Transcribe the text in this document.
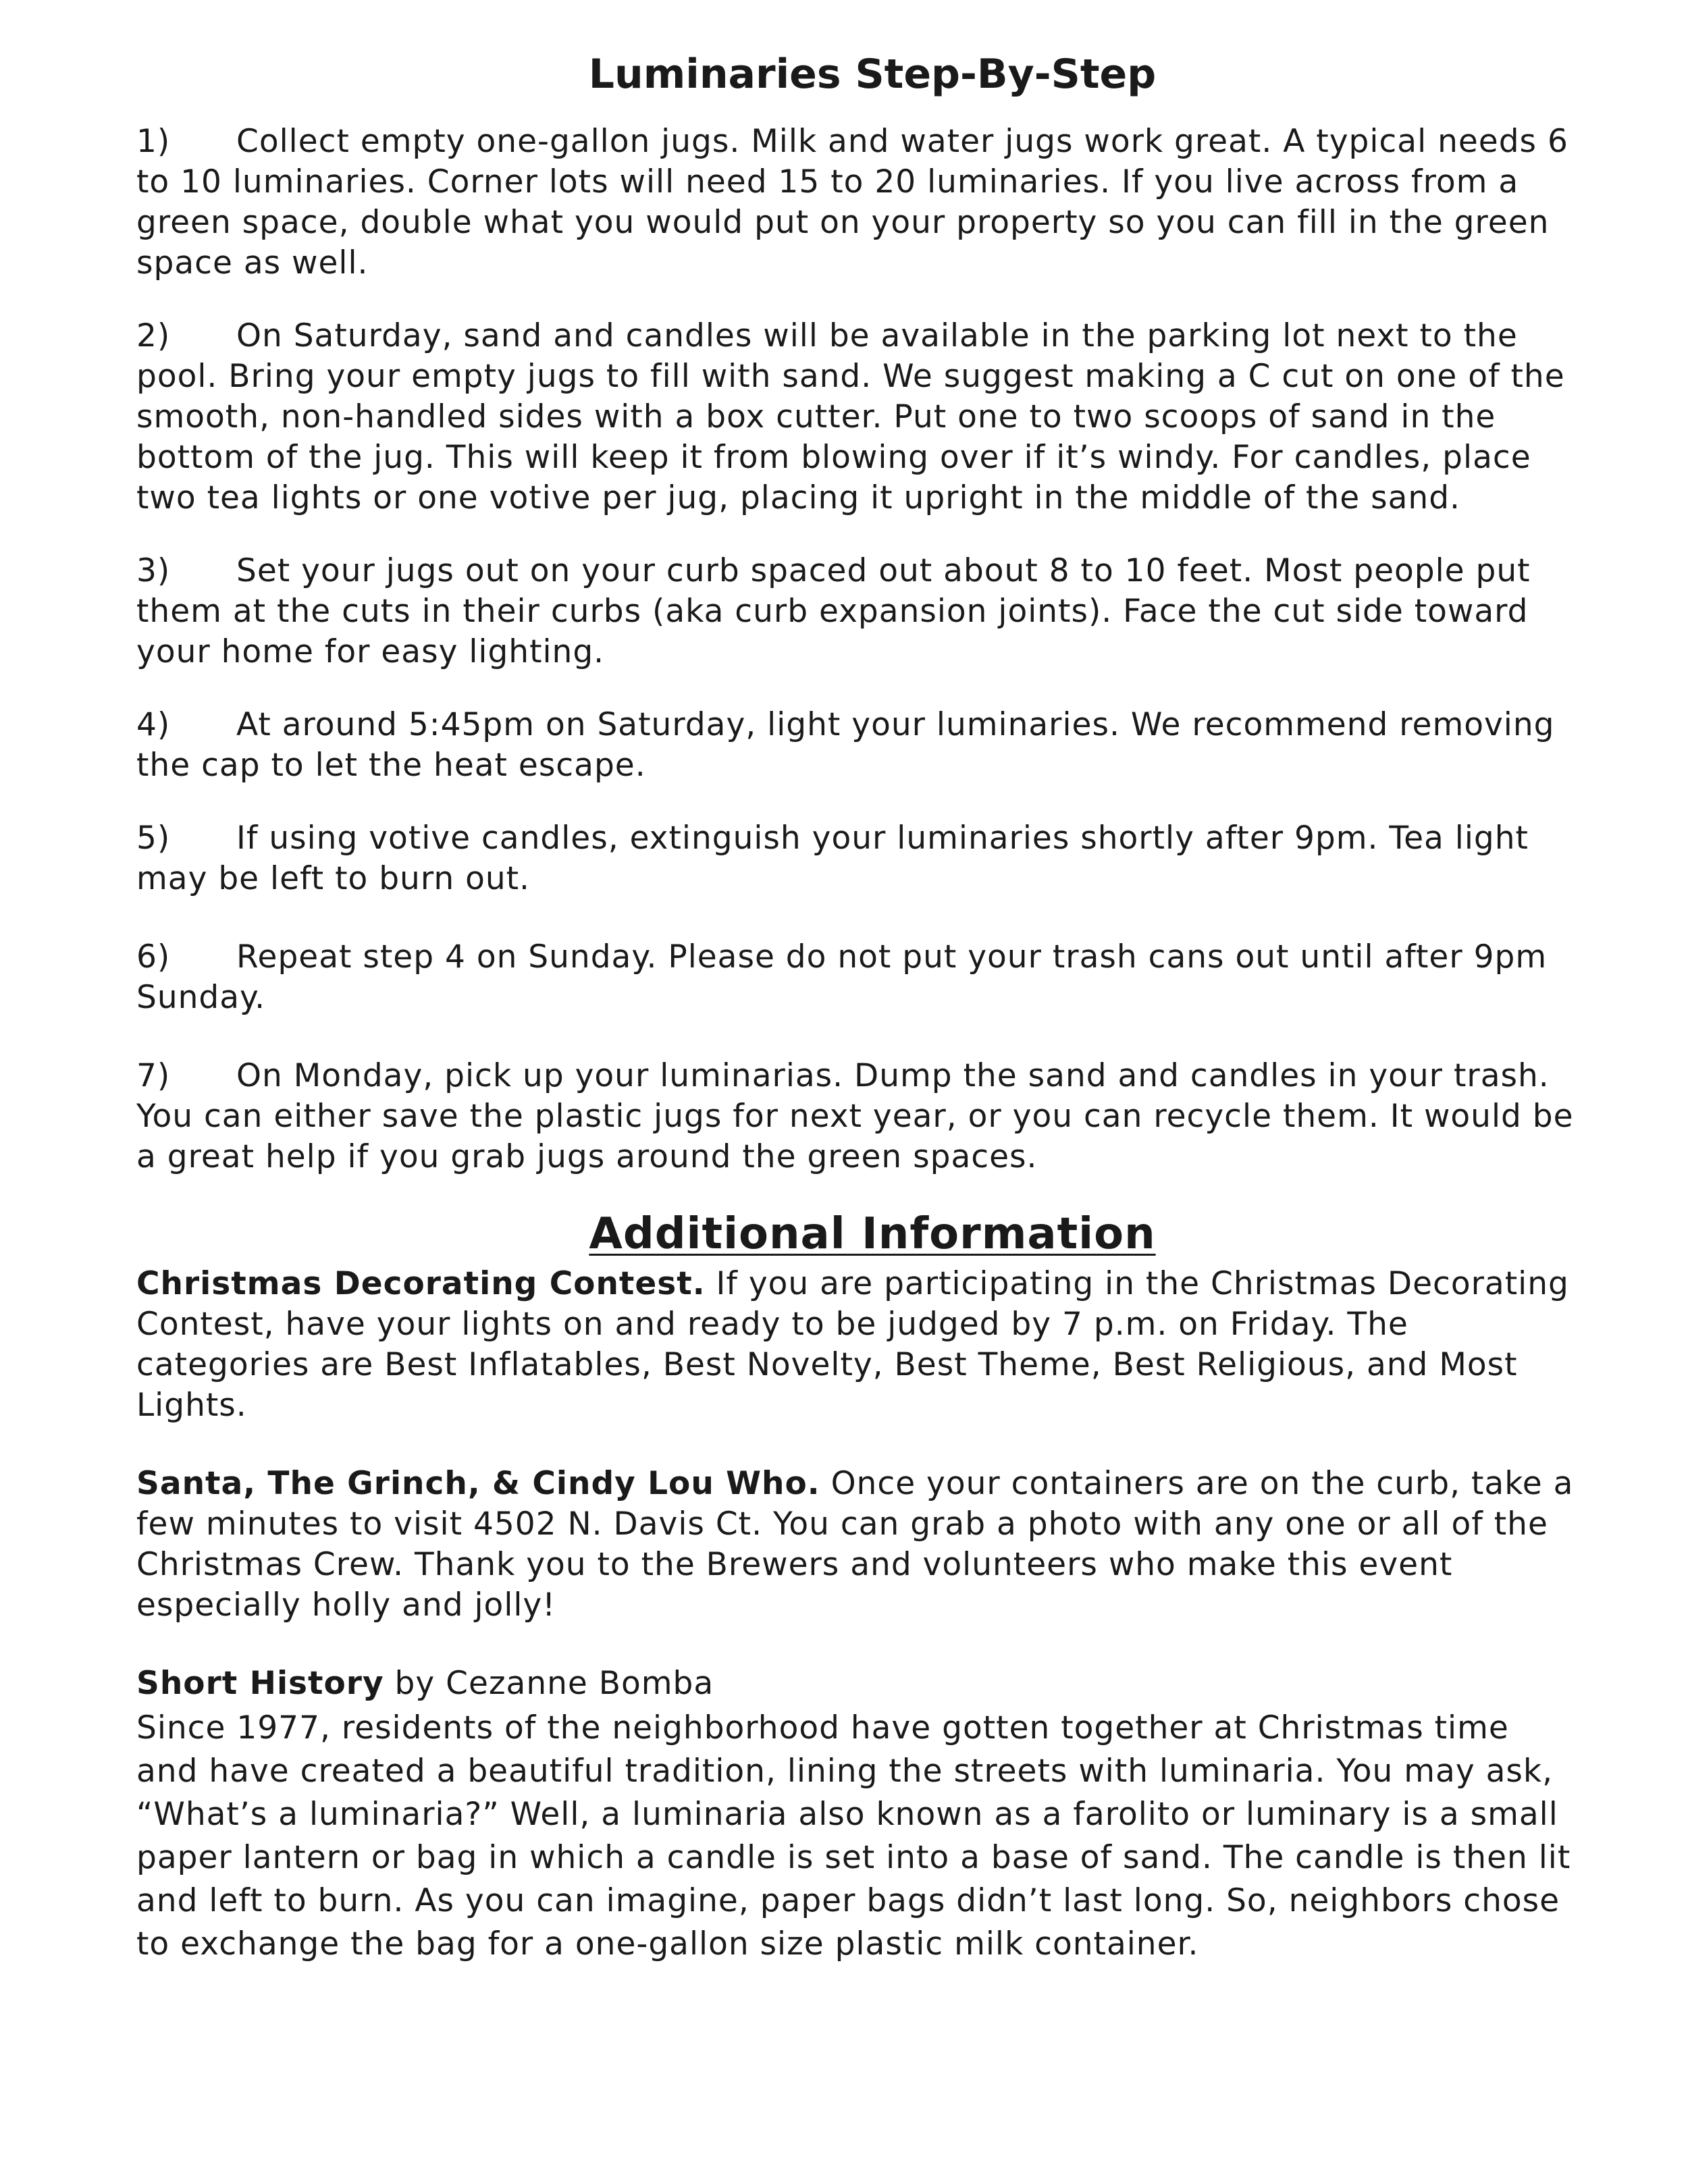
Luminaries Step-By-Step

1) Collect empty one-gallon jugs. Milk and water jugs work great. A typical needs 6 to 10 luminaries. Corner lots will need 15 to 20 luminaries. If you live across from a green space, double what you would put on your property so you can fill in the green space as well.

2) On Saturday, sand and candles will be available in the parking lot next to the pool. Bring your empty jugs to fill with sand. We suggest making a C cut on one of the smooth, non-handled sides with a box cutter. Put one to two scoops of sand in the bottom of the jug. This will keep it from blowing over if it’s windy. For candles, place two tea lights or one votive per jug, placing it upright in the middle of the sand.

3) Set your jugs out on your curb spaced out about 8 to 10 feet. Most people put them at the cuts in their curbs (aka curb expansion joints). Face the cut side toward your home for easy lighting.

4) At around 5:45pm on Saturday, light your luminaries. We recommend removing the cap to let the heat escape.

5) If using votive candles, extinguish your luminaries shortly after 9pm. Tea light may be left to burn out.

6) Repeat step 4 on Sunday. Please do not put your trash cans out until after 9pm Sunday.

7) On Monday, pick up your luminarias. Dump the sand and candles in your trash. You can either save the plastic jugs for next year, or you can recycle them. It would be a great help if you grab jugs around the green spaces.

Additional Information

Christmas Decorating Contest. If you are participating in the Christmas Decorating Contest, have your lights on and ready to be judged by 7 p.m. on Friday. The categories are Best Inflatables, Best Novelty, Best Theme, Best Religious, and Most Lights.

Santa, The Grinch, & Cindy Lou Who. Once your containers are on the curb, take a few minutes to visit 4502 N. Davis Ct. You can grab a photo with any one or all of the Christmas Crew. Thank you to the Brewers and volunteers who make this event especially holly and jolly!

Short History by Cezanne Bomba

Since 1977, residents of the neighborhood have gotten together at Christmas time and have created a beautiful tradition, lining the streets with luminaria. You may ask, “What’s a luminaria?” Well, a luminaria also known as a farolito or luminary is a small paper lantern or bag in which a candle is set into a base of sand. The candle is then lit and left to burn. As you can imagine, paper bags didn’t last long. So, neighbors chose to exchange the bag for a one-gallon size plastic milk container.
